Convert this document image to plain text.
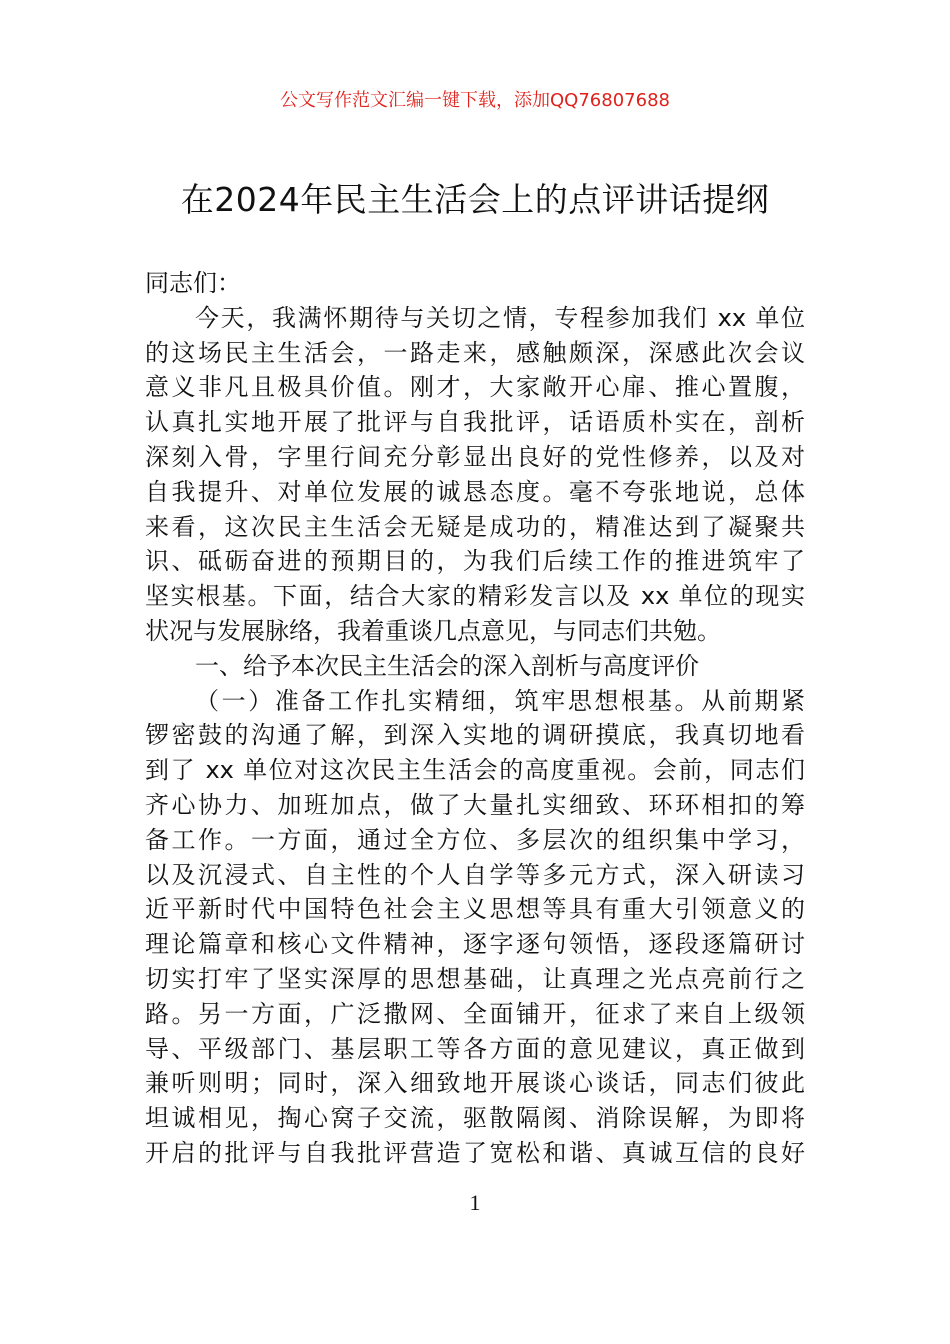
公文写作范文汇编一键下载，添加QQ76807688
在2024年民主生活会上的点评讲话提纲
同志们：
今天，我满怀期待与关切之情，专程参加我们 xx 单位
的这场民主生活会，一路走来，感触颇深，深感此次会议
意义非凡且极具价值。刚才，大家敞开心扉、推心置腹，
认真扎实地开展了批评与自我批评，话语质朴实在，剖析
深刻入骨，字里行间充分彰显出良好的党性修养，以及对
自我提升、对单位发展的诚恳态度。毫不夸张地说，总体
来看，这次民主生活会无疑是成功的，精准达到了凝聚共
识、砥砺奋进的预期目的，为我们后续工作的推进筑牢了
坚实根基。下面，结合大家的精彩发言以及 xx 单位的现实
状况与发展脉络，我着重谈几点意见，与同志们共勉。
一、给予本次民主生活会的深入剖析与高度评价
（一）准备工作扎实精细，筑牢思想根基。从前期紧
锣密鼓的沟通了解，到深入实地的调研摸底，我真切地看
到了 xx 单位对这次民主生活会的高度重视。会前，同志们
齐心协力、加班加点，做了大量扎实细致、环环相扣的筹
备工作。一方面，通过全方位、多层次的组织集中学习，
以及沉浸式、自主性的个人自学等多元方式，深入研读习
近平新时代中国特色社会主义思想等具有重大引领意义的
理论篇章和核心文件精神，逐字逐句领悟，逐段逐篇研讨
切实打牢了坚实深厚的思想基础，让真理之光点亮前行之
路。另一方面，广泛撒网、全面铺开，征求了来自上级领
导、平级部门、基层职工等各方面的意见建议，真正做到
兼听则明；同时，深入细致地开展谈心谈话，同志们彼此
坦诚相见，掏心窝子交流，驱散隔阂、消除误解，为即将
开启的批评与自我批评营造了宽松和谐、真诚互信的良好
1
